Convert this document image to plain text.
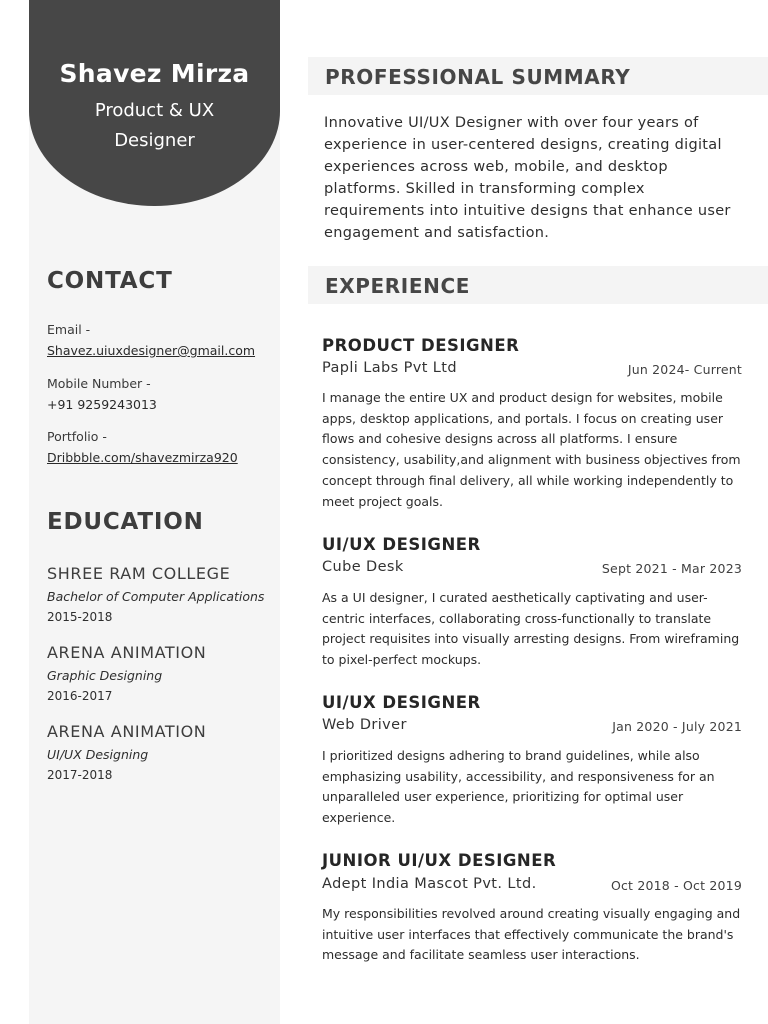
Shavez Mirza
Product & UX Designer
CONTACT
Email -
Shavez.uiuxdesigner@gmail.com
Mobile Number -
+91 9259243013
Portfolio -
Dribbble.com/shavezmirza920
EDUCATION
SHREE RAM COLLEGE
Bachelor of Computer Applications
2015-2018
ARENA ANIMATION
Graphic Designing
2016-2017
ARENA ANIMATION
UI/UX Designing
2017-2018
PROFESSIONAL SUMMARY
Innovative UI/UX Designer with over four years of experience in user-centered designs, creating digital experiences across web, mobile, and desktop platforms. Skilled in transforming complex requirements into intuitive designs that enhance user engagement and satisfaction.
EXPERIENCE
PRODUCT DESIGNER
Papli Labs Pvt Ltd	Jun 2024- Current
I manage the entire UX and product design for websites, mobile apps, desktop applications, and portals. I focus on creating user flows and cohesive designs across all platforms. I ensure consistency, usability,and alignment with business objectives from concept through final delivery, all while working independently to meet project goals.
UI/UX DESIGNER
Cube Desk	Sept 2021 - Mar 2023
As a UI designer, I curated aesthetically captivating and user-centric interfaces, collaborating cross-functionally to translate project requisites into visually arresting designs. From wireframing to pixel-perfect mockups.
UI/UX DESIGNER
Web Driver	Jan 2020 - July 2021
I prioritized designs adhering to brand guidelines, while also emphasizing usability, accessibility, and responsiveness for an unparalleled user experience, prioritizing for optimal user experience.
JUNIOR UI/UX DESIGNER
Adept India Mascot Pvt. Ltd.	Oct 2018 - Oct 2019
My responsibilities revolved around creating visually engaging and intuitive user interfaces that effectively communicate the brand's message and facilitate seamless user interactions.
